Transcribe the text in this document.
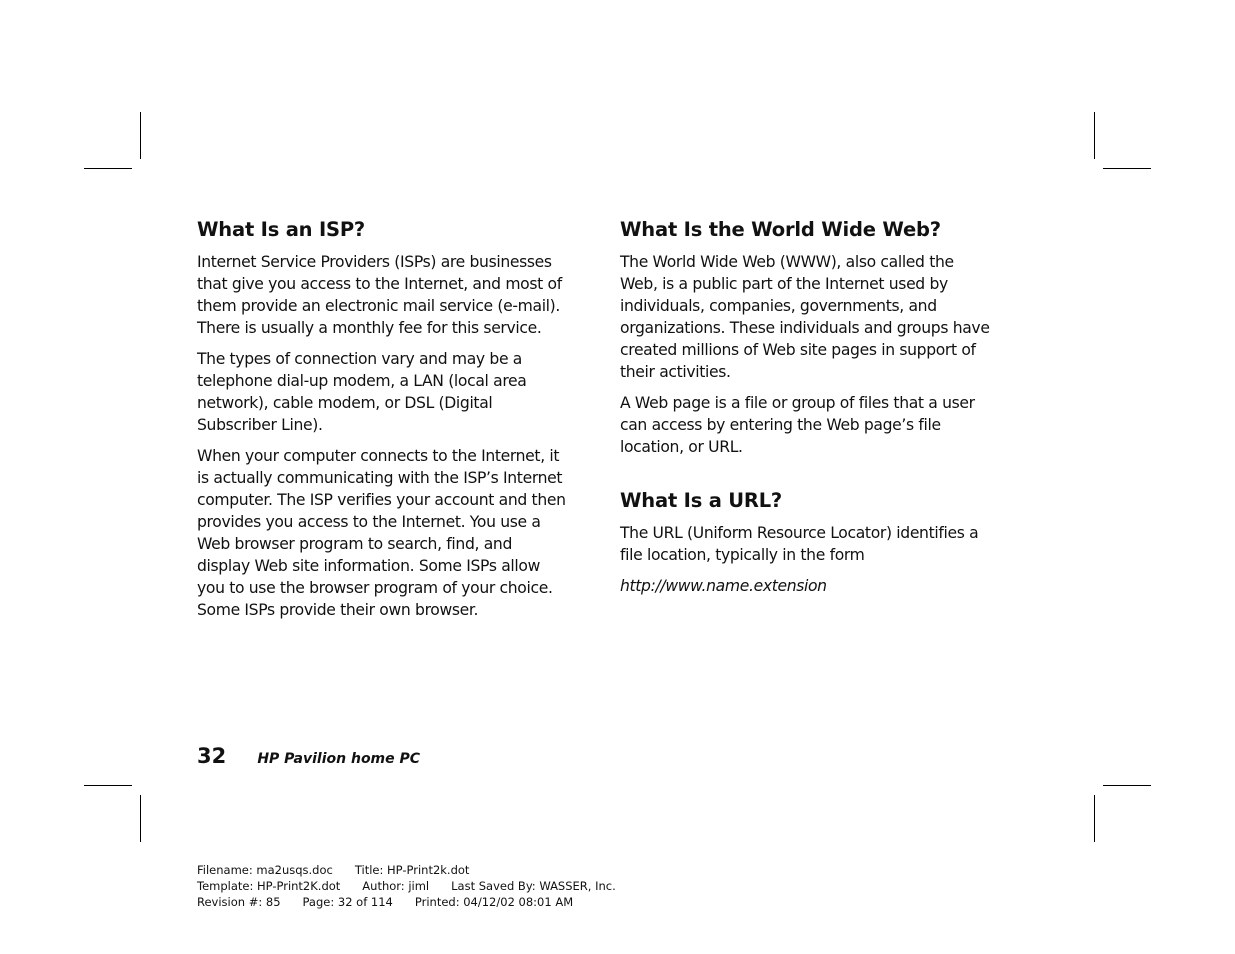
What Is an ISP?

Internet Service Providers (ISPs) are businesses that give you access to the Internet, and most of them provide an electronic mail service (e-mail). There is usually a monthly fee for this service.

The types of connection vary and may be a telephone dial-up modem, a LAN (local area network), cable modem, or DSL (Digital Subscriber Line).

When your computer connects to the Internet, it is actually communicating with the ISP’s Internet computer. The ISP verifies your account and then provides you access to the Internet. You use a Web browser program to search, find, and display Web site information. Some ISPs allow you to use the browser program of your choice. Some ISPs provide their own browser.

What Is the World Wide Web?

The World Wide Web (WWW), also called the Web, is a public part of the Internet used by individuals, companies, governments, and organizations. These individuals and groups have created millions of Web site pages in support of their activities.

A Web page is a file or group of files that a user can access by entering the Web page’s file location, or URL.

What Is a URL?

The URL (Uniform Resource Locator) identifies a file location, typically in the form

http://www.name.extension

32 HP Pavilion home PC
Filename: ma2usqs.doc Title: HP-Print2k.dot
Template: HP-Print2K.dot Author: jiml Last Saved By: WASSER, Inc.
Revision #: 85 Page: 32 of 114 Printed: 04/12/02 08:01 AM
